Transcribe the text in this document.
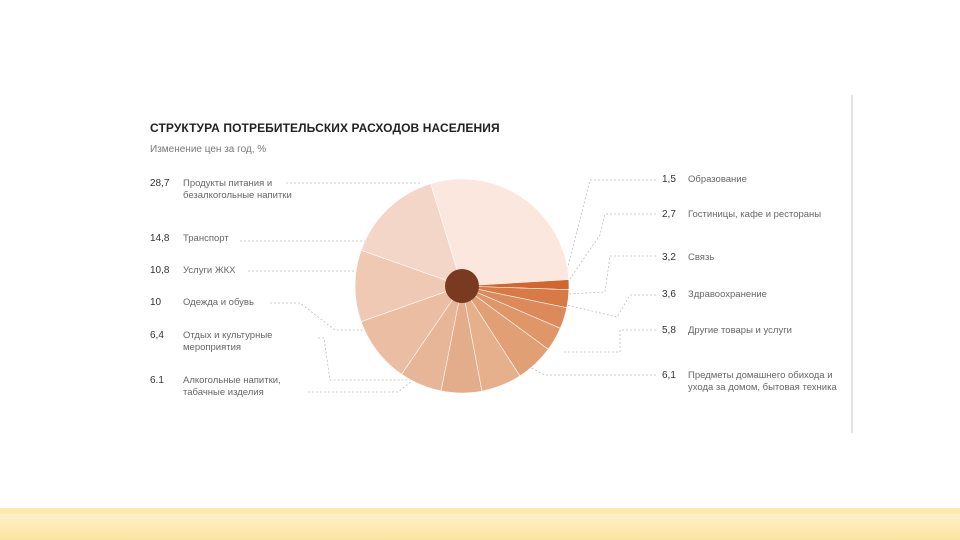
СТРУКТУРА ПОТРЕБИТЕЛЬСКИХ РАСХОДОВ НАСЕЛЕНИЯ
Изменение цен за год, %
28,7 Продукты питания и безалкогольные напитки
14,8 Транспорт
10,8 Услуги ЖКХ
10 Одежда и обувь
6,4 Отдых и культурные мероприятия
6.1 Алкогольные напитки, табачные изделия
1,5 Образование
2,7 Гостиницы, кафе и рестораны
3,2 Связь
3,6 Здравоохранение
5,8 Другие товары и услуги
6,1 Предметы домашнего обихода и ухода за домом, бытовая техника
